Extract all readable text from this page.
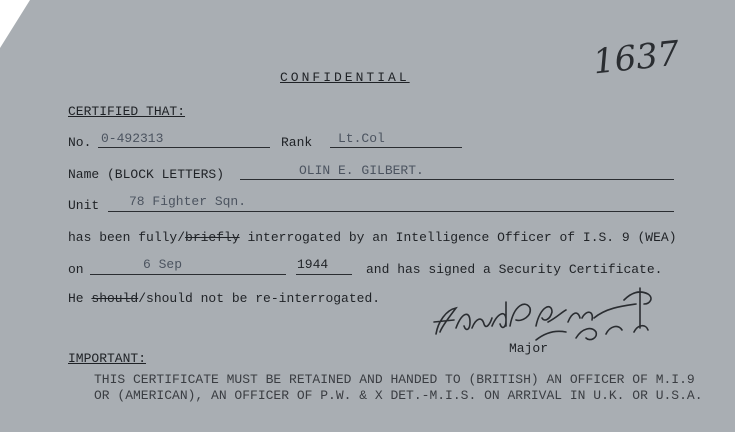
1637
CONFIDENTIAL
CERTIFIED THAT:
No. 0-492313	Rank Lt.Col
Name (BLOCK LETTERS)	OLIN E. GILBERT.
Unit 78 Fighter Sqn.
has been fully/briefly interrogated by an Intelligence Officer of I.S. 9 (WEA)
on	6 Sep	1944	and has signed a Security Certificate.
He should/should not be re-interrogated.
Major
IMPORTANT:
THIS CERTIFICATE MUST BE RETAINED AND HANDED TO (BRITISH) AN OFFICER OF M.I.9
OR (AMERICAN), AN OFFICER OF P.W. & X DET.-M.I.S. ON ARRIVAL IN U.K. OR U.S.A.
